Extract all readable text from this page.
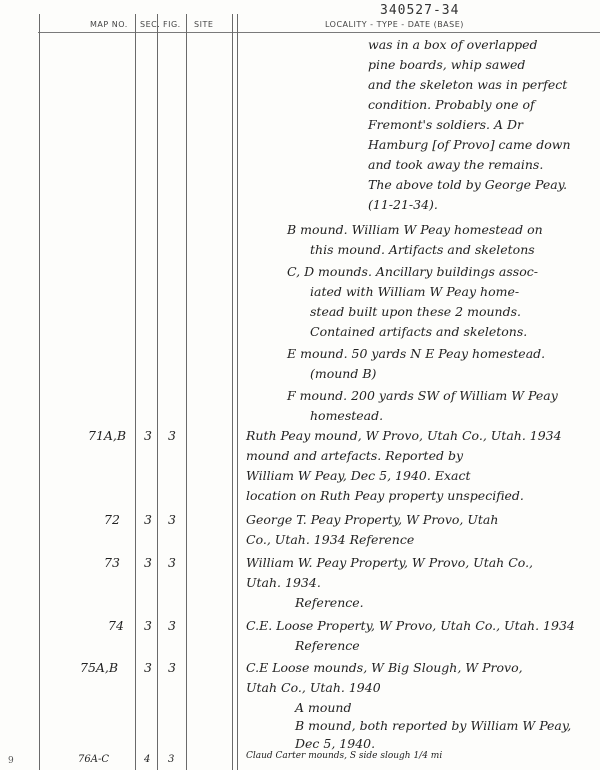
340527-34
MAP NO. SEC. FIG. SITE	LOCALITY - TYPE - DATE (BASE)
was in a box of overlapped
pine boards, whip sawed
and the skeleton was in perfect
condition. Probably one of
Fremont's soldiers. A Dr
Hamburg [of Provo] came down
and took away the remains.
The above told by George Peay.
(11-21-34).
B mound. William W Peay homestead on
this mound. Artifacts and skeletons
C, D mounds. Ancillary buildings assoc-
iated with William W Peay home-
stead built upon these 2 mounds.
Contained artifacts and skeletons.
E mound. 50 yards N E Peay homestead.
(mound B)
F mound. 200 yards SW of William W Peay
homestead.
71A,B 3 3	Ruth Peay mound, W Provo, Utah Co., Utah. 1934
mound and artefacts. Reported by
William W Peay, Dec 5, 1940. Exact
location on Ruth Peay property unspecified.
72 3 3	George T. Peay Property, W Provo, Utah
Co., Utah. 1934 Reference
73 3 3	William W. Peay Property, W Provo, Utah Co.,
Utah. 1934.
Reference.
74 3 3	C.E. Loose Property, W Provo, Utah Co., Utah. 1934
Reference
75A,B 3 3	C.E Loose mounds, W Big Slough, W Provo,
Utah Co., Utah. 1940
A mound
B mound, both reported by William W Peay,
Dec 5, 1940.
76A-C	4 3	Claud Carter mounds, S side slough 1/4 mi
9
